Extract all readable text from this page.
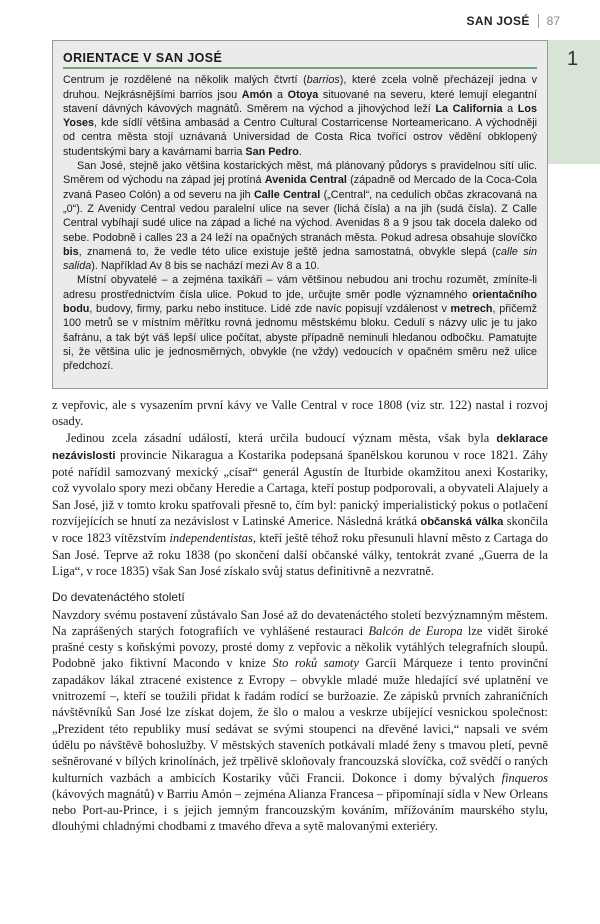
SAN JOSÉ 87
1
ORIENTACE V SAN JOSÉ

Centrum je rozdělené na několik malých čtvrtí (barrios), které zcela volně přecházejí jedna v druhou. Nejkrásnějšími barrios jsou Amón a Otoya situované na severu, které lemují elegantní stavení dávných kávových magnátů. Směrem na východ a jihovýchod leží La California a Los Yoses, kde sídlí většina ambasád a Centro Cultural Costarricense Norteamericano. A východněji od centra města stojí uznávaná Universidad de Costa Rica tvořící ostrov vědění obklopený studentskými bary a kavárnami barria San Pedro.

San José, stejně jako většina kostarických měst, má plánovaný půdorys s pravidelnou sítí ulic. Směrem od východu na západ jej protíná Avenida Central (západně od Mercado de la Coca-Cola zvaná Paseo Colón) a od severu na jih Calle Central („Central“, na cedulích občas zkracovaná na „0“). Z Avenidy Central vedou paralelní ulice na sever (lichá čísla) a na jih (sudá čísla). Z Calle Central vybíhají sudé ulice na západ a liché na východ. Avenidas 8 a 9 jsou tak docela daleko od sebe. Podobně i calles 23 a 24 leží na opačných stranách města. Pokud adresa obsahuje slovíčko bis, znamená to, že vedle této ulice existuje ještě jedna samostatná, obvykle slepá (calle sin salida). Například Av 8 bis se nachází mezi Av 8 a 10.

Místní obyvatelé – a zejména taxikáři – vám většinou nebudou ani trochu rozumět, zmíníte-li adresu prostřednictvím čísla ulice. Pokud to jde, určujte směr podle významného orientačního bodu, budovy, firmy, parku nebo instituce. Lidé zde navíc popisují vzdálenost v metrech, přičemž 100 metrů se v místním měřítku rovná jednomu městskému bloku. Cedulí s názvy ulic je tu jako šafránu, a tak být váš lepší ulice počítat, abyste případně neminuli hledanou odbočku. Pamatujte si, že většina ulic je jednosměrných, obvykle (ne vždy) vedoucích v opačném směru než ulice předchozí.

z vepřovic, ale s vysazením první kávy ve Valle Central v roce 1808 (viz str. 122) nastal i rozvoj osady.

Jedinou zcela zásadní událostí, která určila budoucí význam města, však byla deklarace nezávislosti provincie Nikaragua a Kostarika podepsaná španělskou korunou v roce 1821. Záhy poté nařídil samozvaný mexický „císař“ generál Agustín de Iturbide okamžitou anexi Kostariky, což vyvolalo spory mezi občany Heredie a Cartaga, kteří postup podporovali, a obyvateli Alajuely a San José, již v tomto kroku spatřovali přesně to, čím byl: panický imperialistický pokus o potlačení rozvíjejících se hnutí za nezávislost v Latinské Americe. Následná krátká občanská válka skončila v roce 1823 vítězstvím independentistas, kteří ještě téhož roku přesunuli hlavní město z Cartaga do San José. Teprve až roku 1838 (po skončení další občanské války, tentokrát zvané „Guerra de la Liga“, v roce 1835) však San José získalo svůj status definitivně a nezvratně.

Do devatenáctého století

Navzdory svému postavení zůstávalo San José až do devatenáctého století bezvýznamným městem. Na zaprášených starých fotografiích ve vyhlášené restauraci Balcón de Europa lze vidět široké prašné cesty s koňskými povozy, prosté domy z vepřovic a několik vytáhlých telegrafních sloupů. Podobně jako fiktivní Macondo v knize Sto roků samoty Garcíi Márqueze i tento provinční zapadákov lákal ztracené existence z Evropy – obvykle mladé muže hledající své uplatnění ve vnitrozemí –, kteří se toužili přidat k řadám rodící se buržoazie. Ze zápisků prvních zahraničních návštěvníků San José lze získat dojem, že šlo o malou a veskrze ubíjející vesnickou společnost: „Prezident této republiky musí sedávat se svými stoupenci na dřevěné lavici,“ napsali ve svém údělu po návštěvě bohoslužby. V městských staveních potkávali mladé ženy s tmavou pletí, pevně sešněrované v bílých krinolínách, jež trpělivě skloňovaly francouzská slovíčka, což svědčí o raných kulturních vazbách a ambicích Kostariky vůči Francii. Dokonce i domy bývalých finqueros (kávových magnátů) v Barriu Amón – zejména Alianza Francesa – připomínají sídla v New Orleans nebo Port-au-Prince, i s jejich jemným francouzským kováním, mřížováním maurského stylu, dlouhými chladnými chodbami z tmavého dřeva a sytě malovanými exteriéry.
